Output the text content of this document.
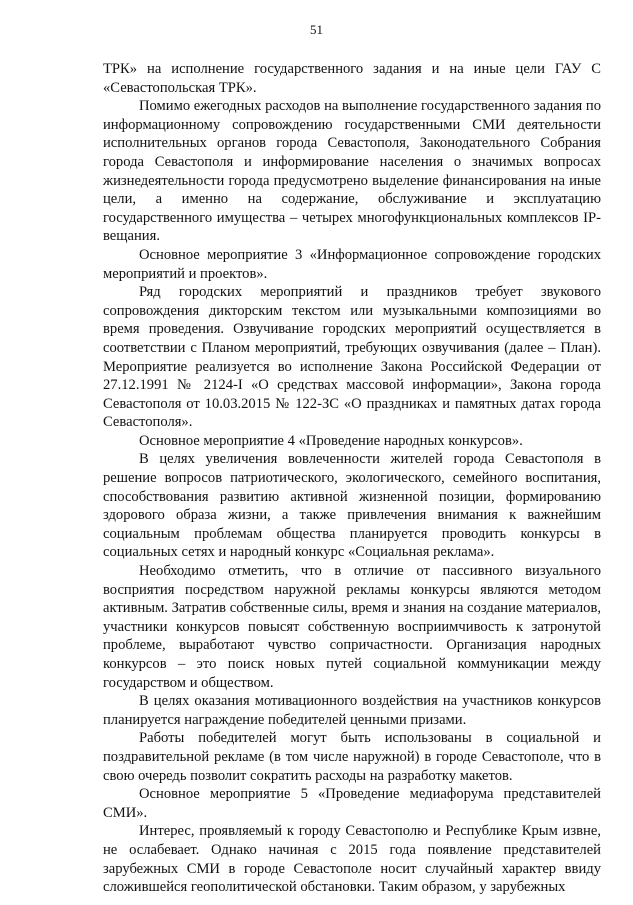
51

ТРК» на исполнение государственного задания и на иные цели ГАУ С «Севастопольская ТРК».

Помимо ежегодных расходов на выполнение государственного задания по информационному сопровождению государственными СМИ деятельности исполнительных органов города Севастополя, Законодательного Собрания города Севастополя и информирование населения о значимых вопросах жизнедеятельности города предусмотрено выделение финансирования на иные цели, а именно на содержание, обслуживание и эксплуатацию государственного имущества – четырех многофункциональных комплексов IP-вещания.

Основное мероприятие 3 «Информационное сопровождение городских мероприятий и проектов».

Ряд городских мероприятий и праздников требует звукового сопровождения дикторским текстом или музыкальными композициями во время проведения. Озвучивание городских мероприятий осуществляется в соответствии с Планом мероприятий, требующих озвучивания (далее – План). Мероприятие реализуется во исполнение Закона Российской Федерации от 27.12.1991 № 2124-I «О средствах массовой информации», Закона города Севастополя от 10.03.2015 № 122-ЗС «О праздниках и памятных датах города Севастополя».

Основное мероприятие 4 «Проведение народных конкурсов».

В целях увеличения вовлеченности жителей города Севастополя в решение вопросов патриотического, экологического, семейного воспитания, способствования развитию активной жизненной позиции, формированию здорового образа жизни, а также привлечения внимания к важнейшим социальным проблемам общества планируется проводить конкурсы в социальных сетях и народный конкурс «Социальная реклама».

Необходимо отметить, что в отличие от пассивного визуального восприятия посредством наружной рекламы конкурсы являются методом активным. Затратив собственные силы, время и знания на создание материалов, участники конкурсов повысят собственную восприимчивость к затронутой проблеме, выработают чувство сопричастности. Организация народных конкурсов – это поиск новых путей социальной коммуникации между государством и обществом.

В целях оказания мотивационного воздействия на участников конкурсов планируется награждение победителей ценными призами.

Работы победителей могут быть использованы в социальной и поздравительной рекламе (в том числе наружной) в городе Севастополе, что в свою очередь позволит сократить расходы на разработку макетов.

Основное мероприятие 5 «Проведение медиафорума представителей СМИ».

Интерес, проявляемый к городу Севастополю и Республике Крым извне, не ослабевает. Однако начиная с 2015 года появление представителей зарубежных СМИ в городе Севастополе носит случайный характер ввиду сложившейся геополитической обстановки. Таким образом, у зарубежных
